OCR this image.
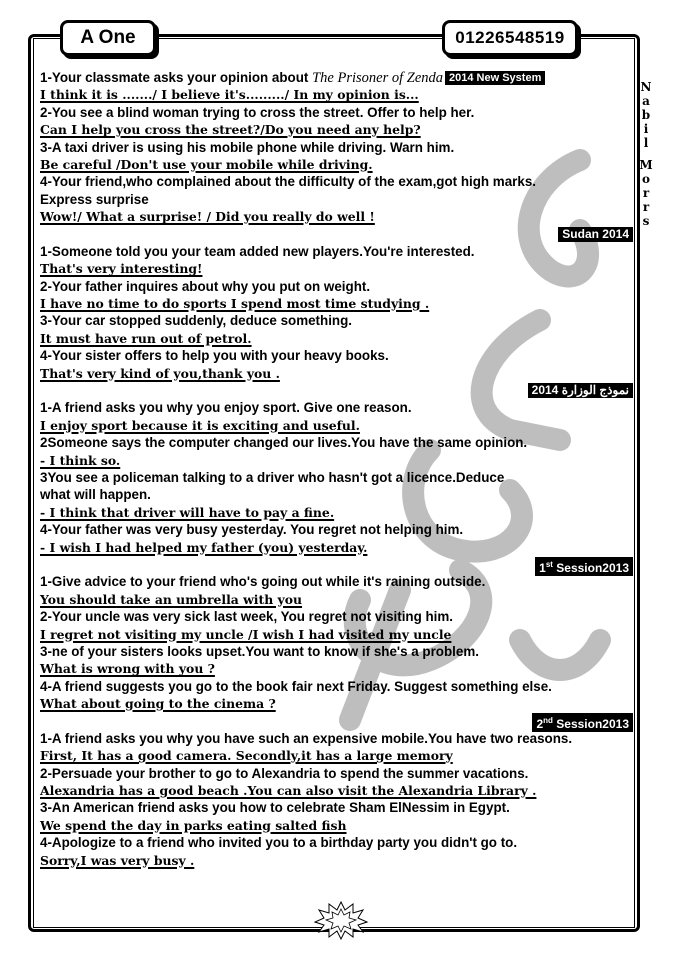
A One	01226548519
N
a
b
i
l
M
o
r
r
s
1-Your classmate asks your opinion about The Prisoner of Zenda 2014 New System
I think it is ......./ I believe it's........./ In my opinion is...
2-You see a blind woman trying to cross the street. Offer to help her.
Can I help you cross the street?/Do you need any help?
3-A taxi driver is using his mobile phone while driving. Warn him.
Be careful /Don't use your mobile while driving.
4-Your friend,who complained about the difficulty of the exam,got high marks.
Express surprise
Wow!/ What a surprise! / Did you really do well !
Sudan 2014
1-Someone told you your team added new players.You're interested.
That's very interesting!
2-Your father inquires about why you put on weight.
I have no time to do sports I spend most time studying .
3-Your car stopped suddenly, deduce something.
It must have run out of petrol.
4-Your sister offers to help you with your heavy books.
That's very kind of you,thank you .
نموذج الوزارة 2014
1-A friend asks you why you enjoy sport. Give one reason.
I enjoy sport because it is exciting and useful.
2Someone says the computer changed our lives.You have the same opinion.
- I think so.
3You see a policeman talking to a driver who hasn't got a licence.Deduce
what will happen.
- I think that driver will have to pay a fine.
4-Your father was very busy yesterday. You regret not helping him.
- I wish I had helped my father (you) yesterday.
1st Session2013
1-Give advice to your friend who's going out while it's raining outside.
You should take an umbrella with you
2-Your uncle was very sick last week, You regret not visiting him.
I regret not visiting my uncle /I wish I had visited my uncle
3-ne of your sisters looks upset.You want to know if she's a problem.
What is wrong with you ?
4-A friend suggests you go to the book fair next Friday. Suggest something else.
What about going to the cinema ?
2nd Session2013
1-A friend asks you why you have such an expensive mobile.You have two reasons.
First, It has a good camera. Secondly,it has a large memory
2-Persuade your brother to go to Alexandria to spend the summer vacations.
Alexandria has a good beach .You can also visit the Alexandria Library .
3-An American friend asks you how to celebrate Sham ElNessim in Egypt.
We spend the day in parks eating salted fish
4-Apologize to a friend who invited you to a birthday party you didn't go to.
Sorry,I was very busy .
